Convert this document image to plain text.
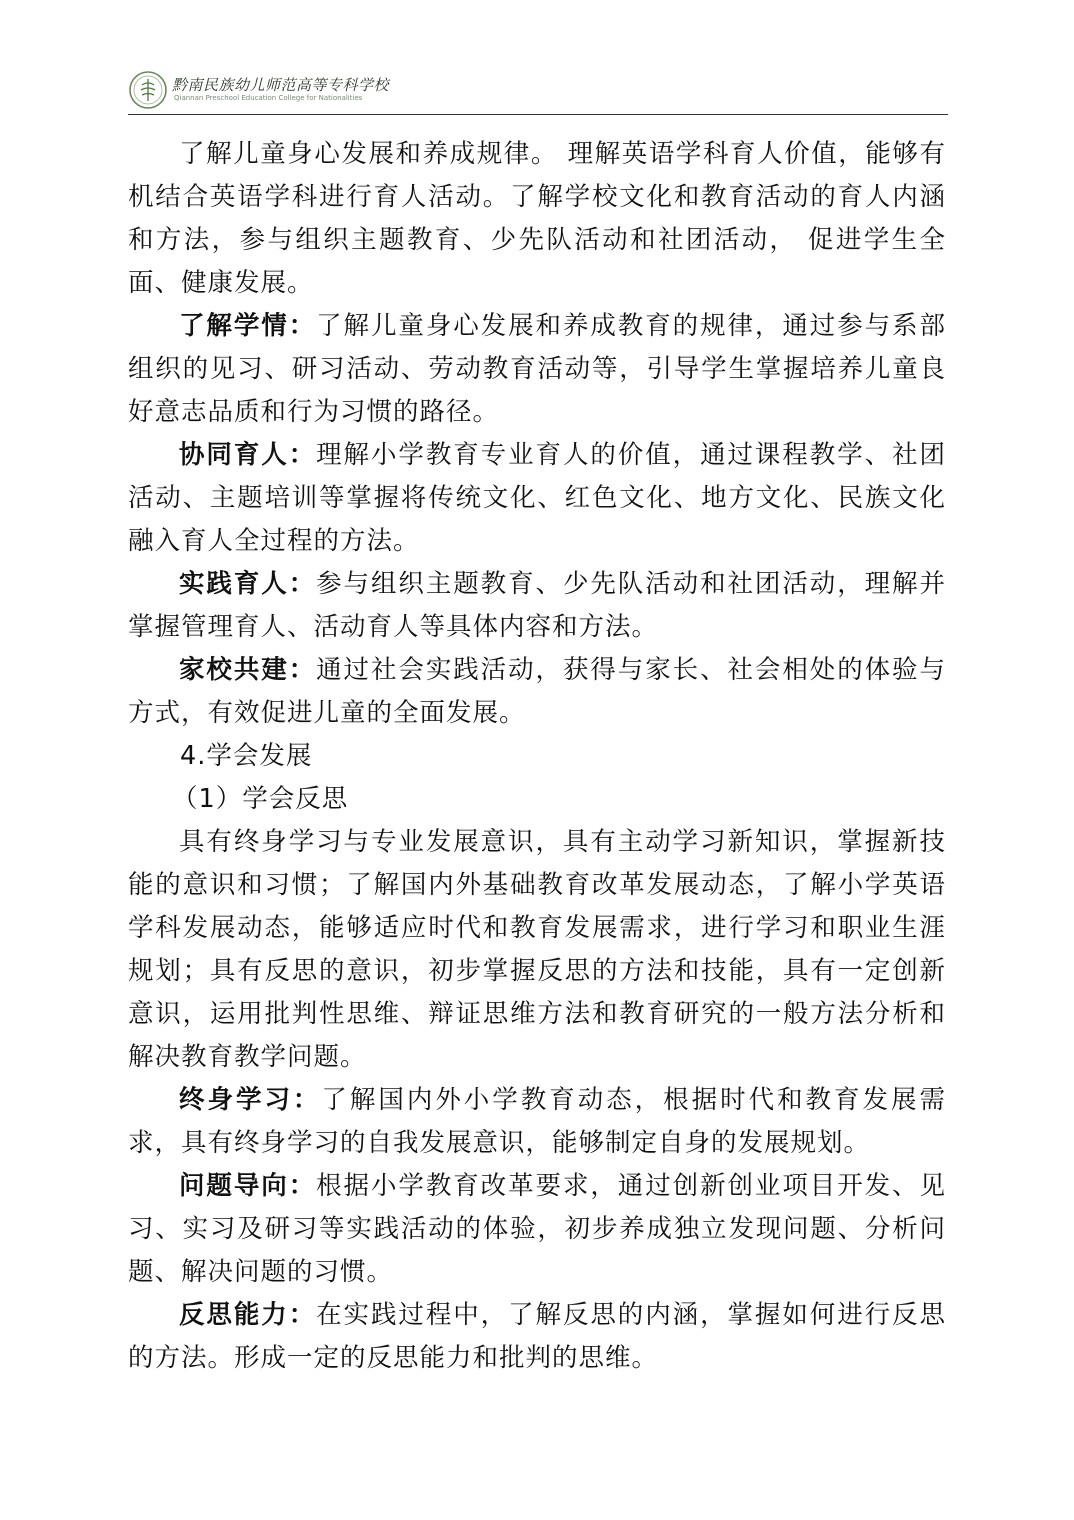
黔南民族幼儿师范高等专科学校
Qiannan Preschool Education College for Nationalities

了解儿童身心发展和养成规律。 理解英语学科育人价值，能够有机结合英语学科进行育人活动。了解学校文化和教育活动的育人内涵和方法，参与组织主题教育、少先队活动和社团活动， 促进学生全面、健康发展。

了解学情：了解儿童身心发展和养成教育的规律，通过参与系部组织的见习、研习活动、劳动教育活动等，引导学生掌握培养儿童良好意志品质和行为习惯的路径。

协同育人：理解小学教育专业育人的价值，通过课程教学、社团活动、主题培训等掌握将传统文化、红色文化、地方文化、民族文化融入育人全过程的方法。

实践育人：参与组织主题教育、少先队活动和社团活动，理解并掌握管理育人、活动育人等具体内容和方法。

家校共建：通过社会实践活动，获得与家长、社会相处的体验与方式，有效促进儿童的全面发展。

4.学会发展

（1）学会反思

具有终身学习与专业发展意识，具有主动学习新知识，掌握新技能的意识和习惯；了解国内外基础教育改革发展动态，了解小学英语学科发展动态，能够适应时代和教育发展需求，进行学习和职业生涯规划；具有反思的意识，初步掌握反思的方法和技能，具有一定创新意识，运用批判性思维、辩证思维方法和教育研究的一般方法分析和解决教育教学问题。

终身学习：了解国内外小学教育动态，根据时代和教育发展需求，具有终身学习的自我发展意识，能够制定自身的发展规划。

问题导向：根据小学教育改革要求，通过创新创业项目开发、见习、实习及研习等实践活动的体验，初步养成独立发现问题、分析问题、解决问题的习惯。

反思能力：在实践过程中，了解反思的内涵，掌握如何进行反思的方法。形成一定的反思能力和批判的思维。
